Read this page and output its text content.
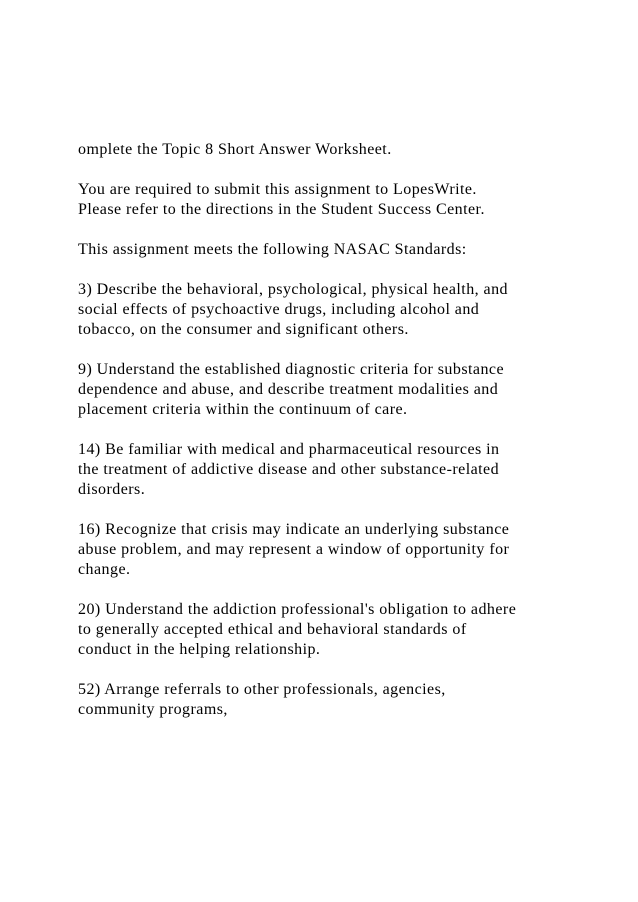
omplete the Topic 8 Short Answer Worksheet.

You are required to submit this assignment to LopesWrite.
Please refer to the directions in the Student Success Center.

This assignment meets the following NASAC Standards:

3) Describe the behavioral, psychological, physical health, and
social effects of psychoactive drugs, including alcohol and
tobacco, on the consumer and significant others.

9) Understand the established diagnostic criteria for substance
dependence and abuse, and describe treatment modalities and
placement criteria within the continuum of care.

14) Be familiar with medical and pharmaceutical resources in
the treatment of addictive disease and other substance-related
disorders.

16) Recognize that crisis may indicate an underlying substance
abuse problem, and may represent a window of opportunity for
change.

20) Understand the addiction professional's obligation to adhere
to generally accepted ethical and behavioral standards of
conduct in the helping relationship.

52) Arrange referrals to other professionals, agencies,
community programs,
